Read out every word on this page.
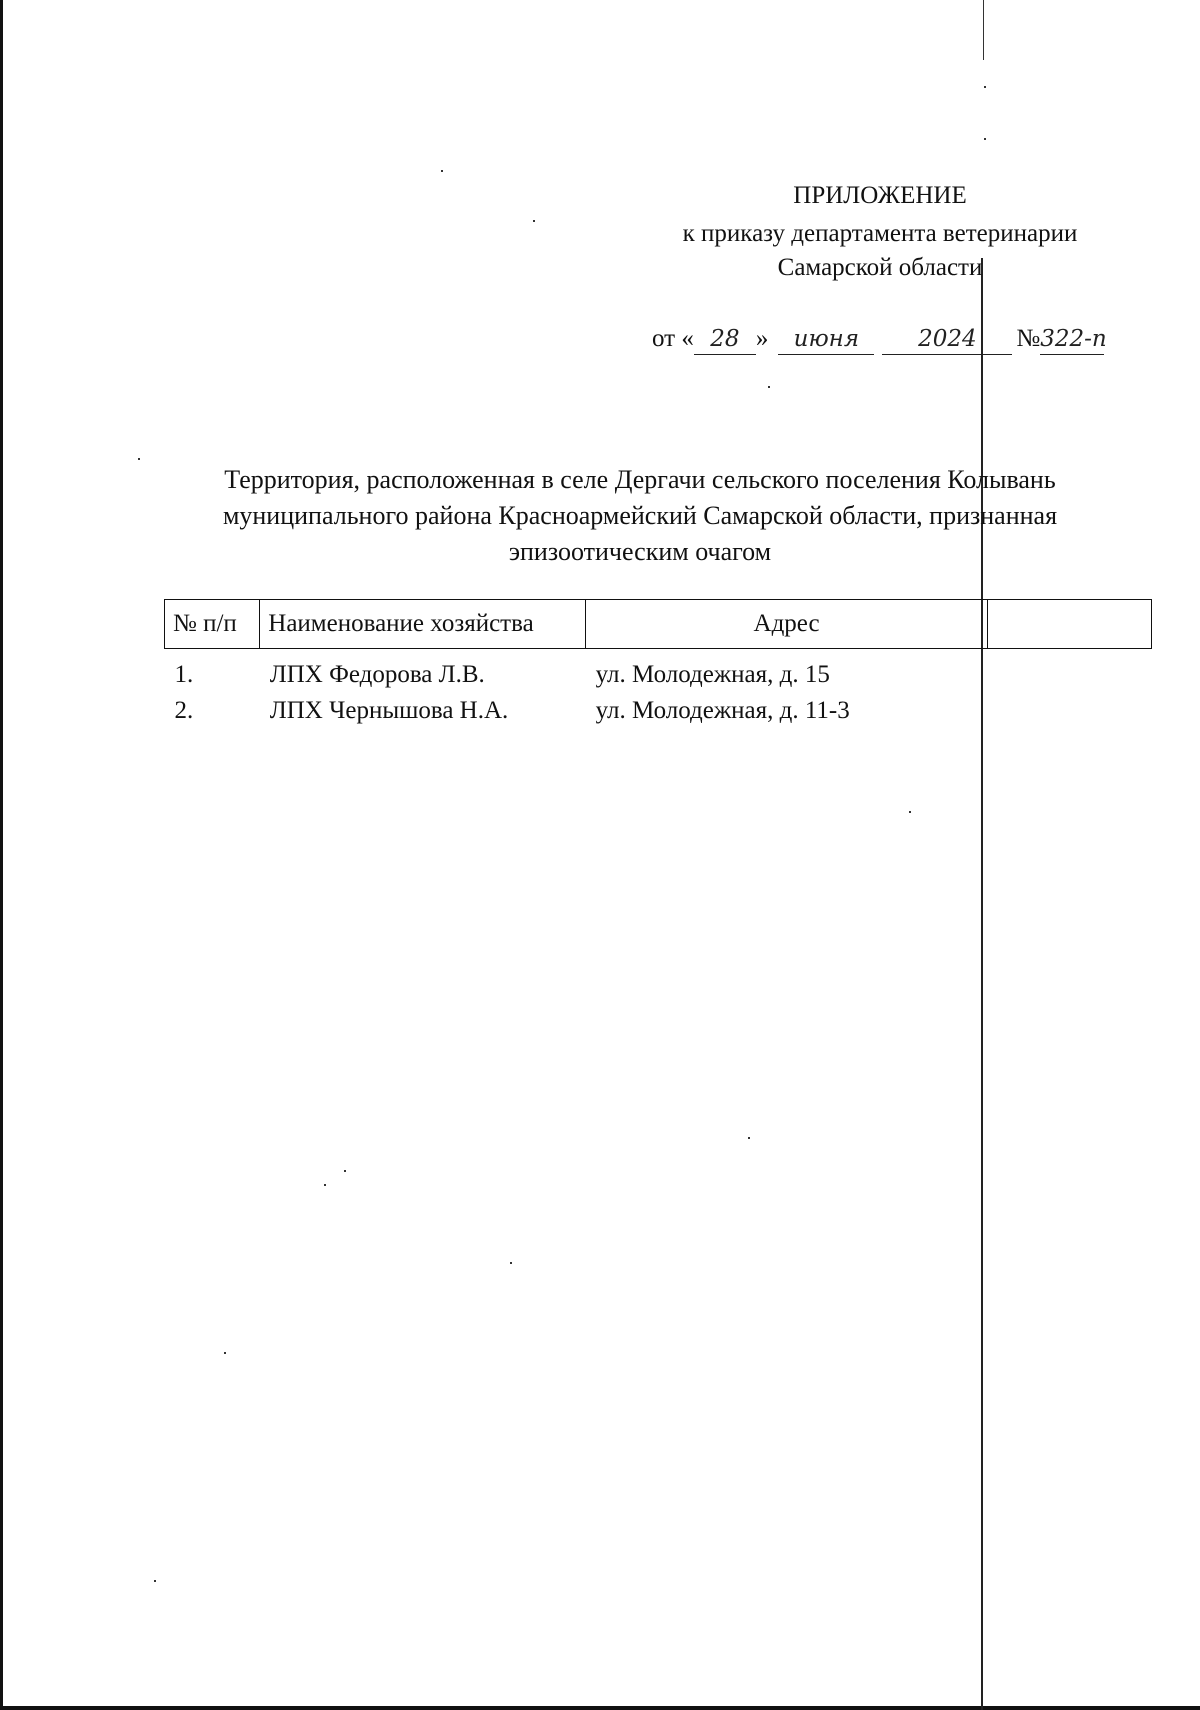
ПРИЛОЖЕНИЕ
к приказу департамента ветеринарии
Самарской области
от « 28 » июня	2024 №322-п
Территория, расположенная в селе Дергачи сельского поселения Колывань
муниципального района Красноармейский Самарской области, признанная
эпизоотическим очагом
№ п/п	Наименование хозяйства	Адрес	
1.	ЛПХ Федорова Л.В.	ул. Молодежная, д. 15	
2.	ЛПХ Чернышова Н.А.	ул. Молодежная, д. 11-3	
